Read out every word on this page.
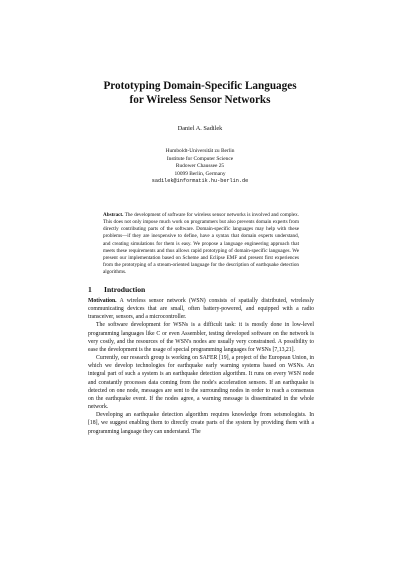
Prototyping Domain-Specific Languages
for Wireless Sensor Networks
Daniel A. Sadilek
Humboldt-Universität zu Berlin
Institute for Computer Science
Rudower Chaussee 25
10099 Berlin, Germany
sadilek@informatik.hu-berlin.de
Abstract. The development of software for wireless sensor networks is involved and complex. This does not only impose much work on programmers but also prevents domain experts from directly contributing parts of the software. Domain-specific languages may help with these problems—if they are inexpensive to define, have a syntax that domain experts understand, and creating simulations for them is easy. We propose a language engineering approach that meets these requirements and thus allows rapid prototyping of domain-specific languages. We present our implementation based on Scheme and Eclipse EMF and present first experiences from the prototyping of a stream-oriented language for the description of earthquake detection algorithms.
1 Introduction

Motivation. A wireless sensor network (WSN) consists of spatially distributed, wirelessly communicating devices that are small, often battery-powered, and equipped with a radio transceiver, sensors, and a microcontroller.

The software development for WSNs is a difficult task: it is mostly done in low-level programming languages like C or even Assembler, testing developed software on the network is very costly, and the resources of the WSN's nodes are usually very constrained. A possibility to ease the development is the usage of special programming languages for WSNs [7,13,21].

Currently, our research group is working on SAFER [19], a project of the European Union, in which we develop technologies for earthquake early warning systems based on WSNs. An integral part of such a system is an earthquake detection algorithm. It runs on every WSN node and constantly processes data coming from the node's acceleration sensors. If an earthquake is detected on one node, messages are sent to the surrounding nodes in order to reach a consensus on the earthquake event. If the nodes agree, a warning message is disseminated in the whole network.

Developing an earthquake detection algorithm requires knowledge from seismologists. In [18], we suggest enabling them to directly create parts of the system by providing them with a programming language they can understand. The
